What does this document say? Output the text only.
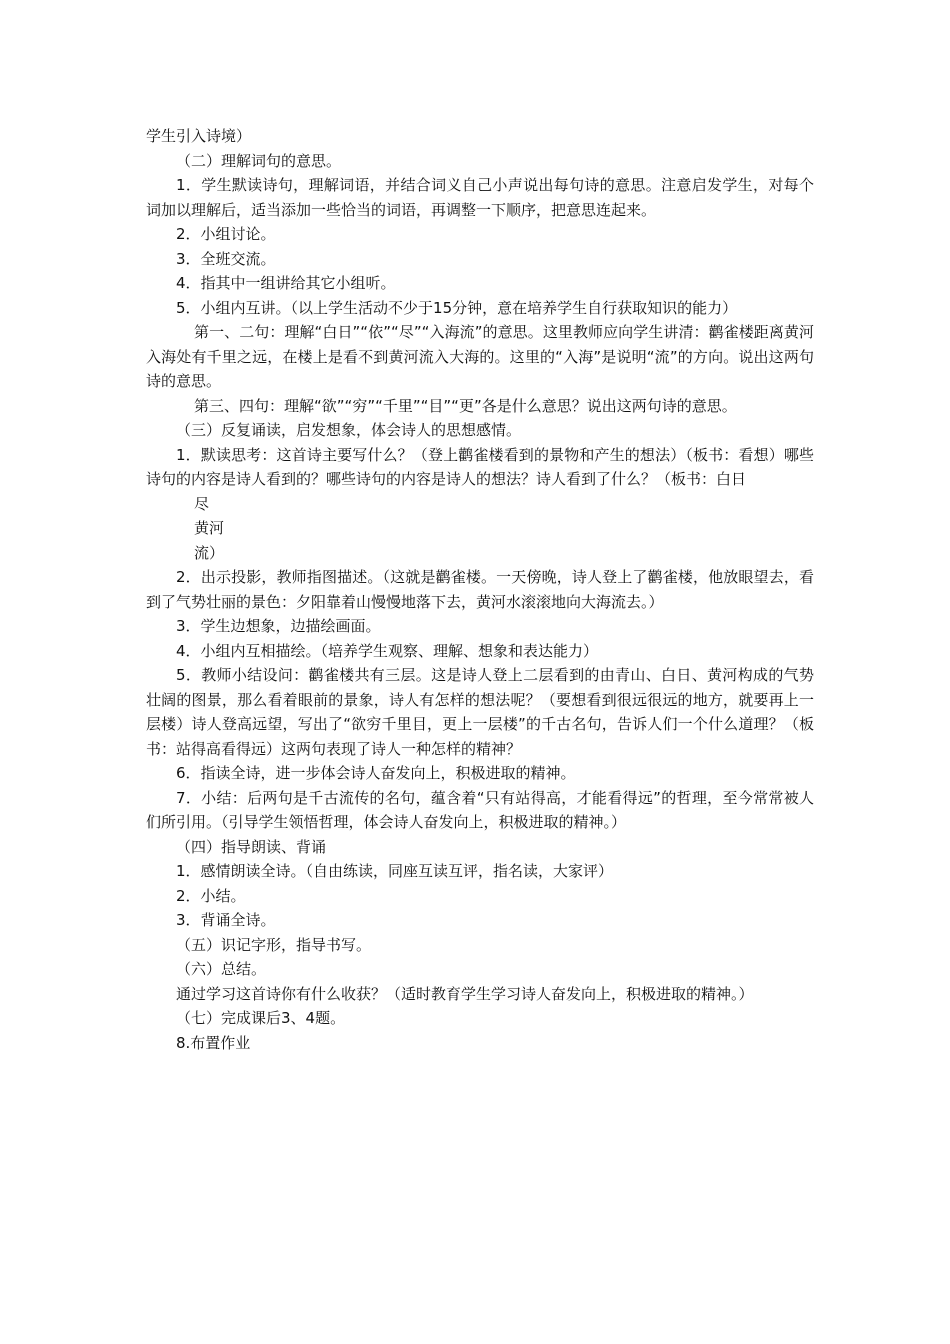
学生引入诗境）

（二）理解词句的意思。

1．学生默读诗句，理解词语，并结合词义自己小声说出每句诗的意思。注意启发学生，对每个词加以理解后，适当添加一些恰当的词语，再调整一下顺序，把意思连起来。

2．小组讨论。

3．全班交流。

4．指其中一组讲给其它小组听。

5．小组内互讲。（以上学生活动不少于15分钟，意在培养学生自行获取知识的能力）

第一、二句：理解“白日”“依”“尽”“入海流”的意思。这里教师应向学生讲清：鹳雀楼距离黄河入海处有千里之远，在楼上是看不到黄河流入大海的。这里的“入海”是说明“流”的方向。说出这两句诗的意思。

第三、四句：理解“欲”“穷”“千里”“目”“更”各是什么意思？说出这两句诗的意思。

（三）反复诵读，启发想象，体会诗人的思想感情。

1．默读思考：这首诗主要写什么？（登上鹳雀楼看到的景物和产生的想法）（板书：看想）哪些诗句的内容是诗人看到的？哪些诗句的内容是诗人的想法？诗人看到了什么？（板书：白日

尽

黄河

流）

2．出示投影，教师指图描述。（这就是鹳雀楼。一天傍晚，诗人登上了鹳雀楼，他放眼望去，看到了气势壮丽的景色：夕阳靠着山慢慢地落下去，黄河水滚滚地向大海流去。）

3．学生边想象，边描绘画面。

4．小组内互相描绘。（培养学生观察、理解、想象和表达能力）

5．教师小结设问：鹳雀楼共有三层。这是诗人登上二层看到的由青山、白日、黄河构成的气势壮阔的图景，那么看着眼前的景象，诗人有怎样的想法呢？（要想看到很远很远的地方，就要再上一层楼）诗人登高远望，写出了“欲穷千里目，更上一层楼”的千古名句，告诉人们一个什么道理？（板书：站得高看得远）这两句表现了诗人一种怎样的精神？

6．指读全诗，进一步体会诗人奋发向上，积极进取的精神。

7．小结：后两句是千古流传的名句，蕴含着“只有站得高，才能看得远”的哲理，至今常常被人们所引用。（引导学生领悟哲理，体会诗人奋发向上，积极进取的精神。）

（四）指导朗读、背诵

1．感情朗读全诗。（自由练读，同座互读互评，指名读，大家评）

2．小结。

3．背诵全诗。

（五）识记字形，指导书写。

（六）总结。

通过学习这首诗你有什么收获？（适时教育学生学习诗人奋发向上，积极进取的精神。）

（七）完成课后3、4题。

8.布置作业
